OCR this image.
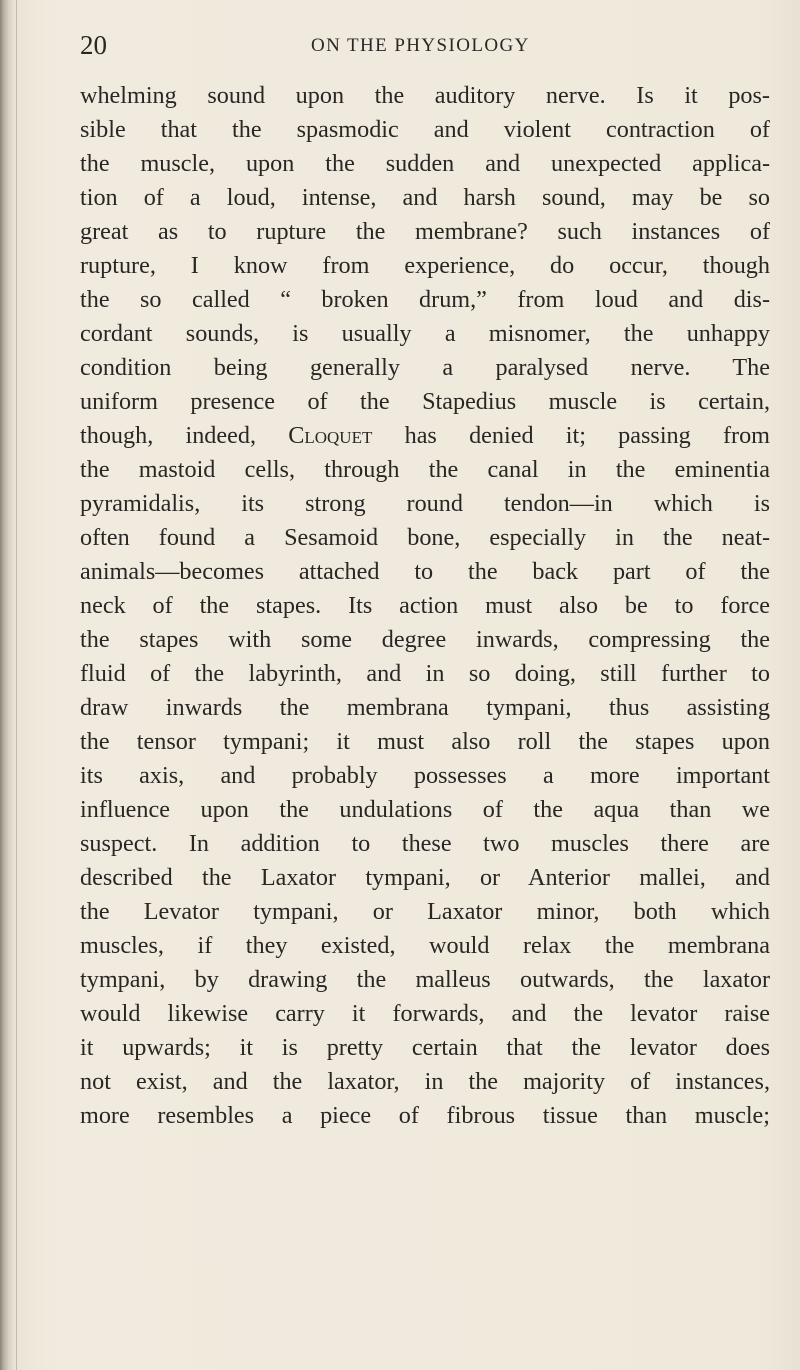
20	ON THE PHYSIOLOGY
whelming sound upon the auditory nerve. Is it pos-
sible that the spasmodic and violent contraction of
the muscle, upon the sudden and unexpected applica-
tion of a loud, intense, and harsh sound, may be so
great as to rupture the membrane? such instances of
rupture, I know from experience, do occur, though
the so called “ broken drum,” from loud and dis-
cordant sounds, is usually a misnomer, the unhappy
condition being generally a paralysed nerve. The
uniform presence of the Stapedius muscle is certain,
though, indeed, Cloquet has denied it; passing from
the mastoid cells, through the canal in the eminentia
pyramidalis, its strong round tendon—in which is
often found a Sesamoid bone, especially in the neat-
animals—becomes attached to the back part of the
neck of the stapes. Its action must also be to force
the stapes with some degree inwards, compressing the
fluid of the labyrinth, and in so doing, still further to
draw inwards the membrana tympani, thus assisting
the tensor tympani; it must also roll the stapes upon
its axis, and probably possesses a more important
influence upon the undulations of the aqua than we
suspect. In addition to these two muscles there are
described the Laxator tympani, or Anterior mallei, and
the Levator tympani, or Laxator minor, both which
muscles, if they existed, would relax the membrana
tympani, by drawing the malleus outwards, the laxator
would likewise carry it forwards, and the levator raise
it upwards; it is pretty certain that the levator does
not exist, and the laxator, in the majority of instances,
more resembles a piece of fibrous tissue than muscle;
